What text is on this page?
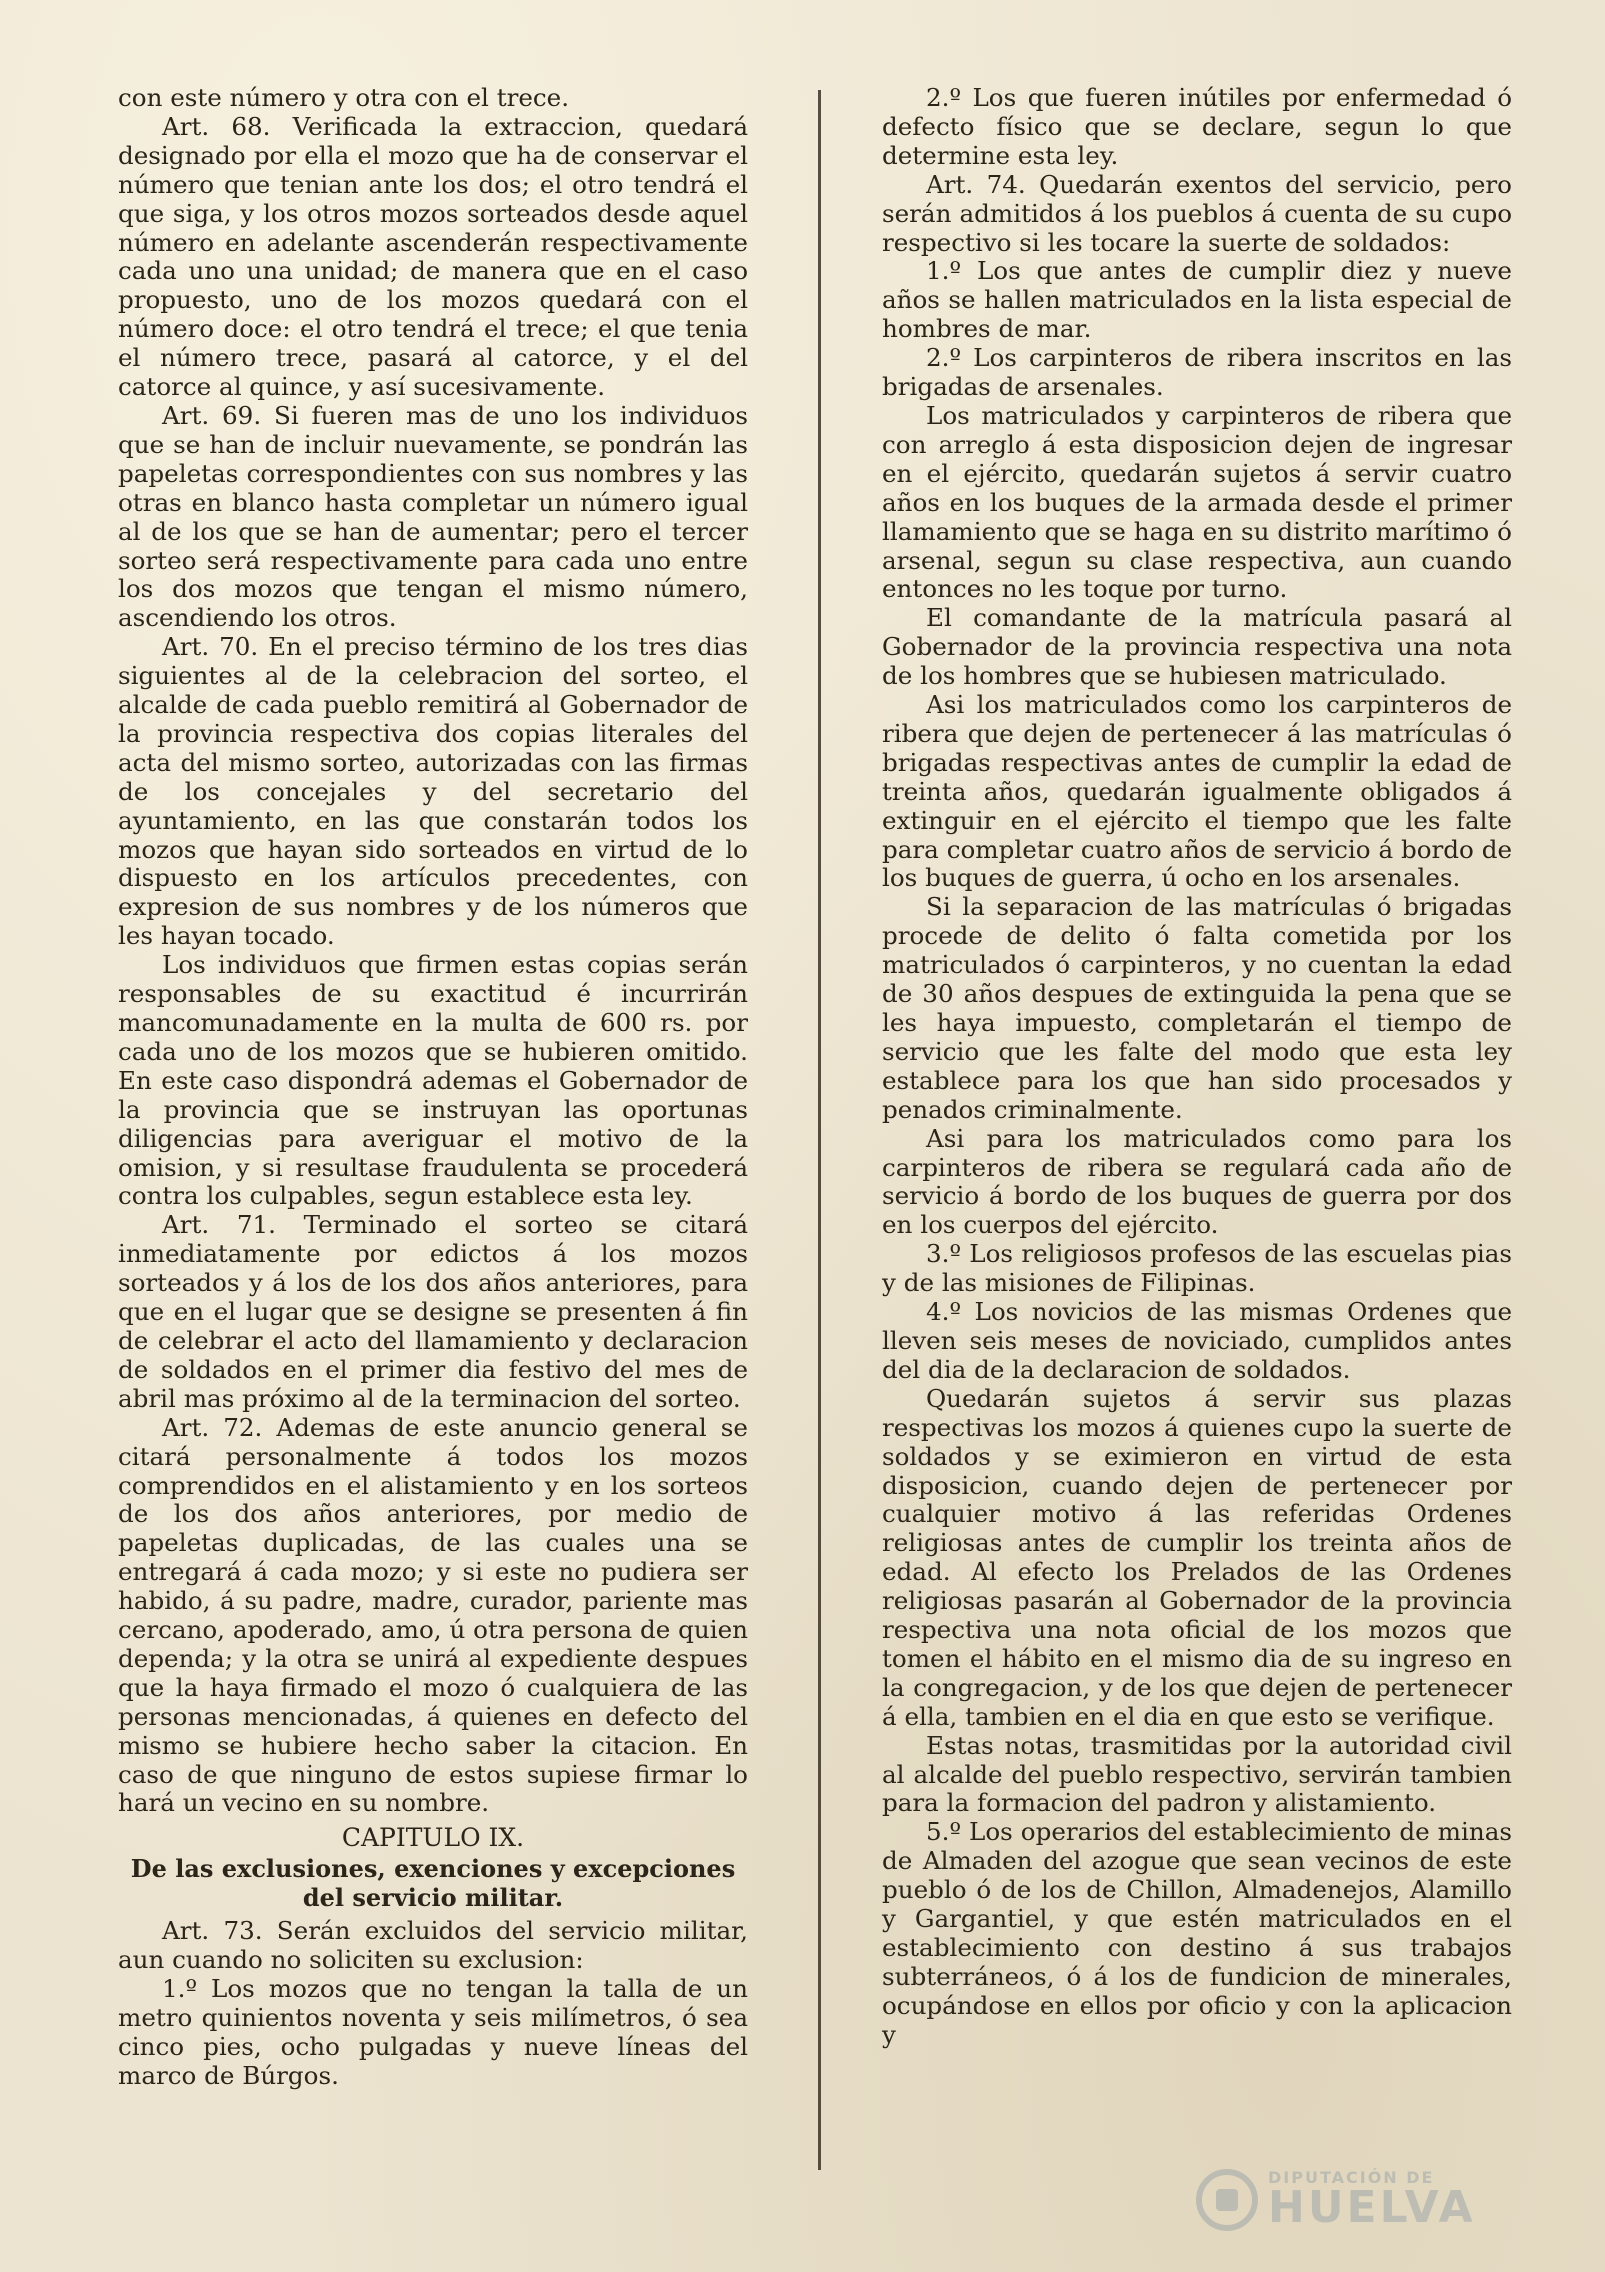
con este número y otra con el trece.

Art. 68. Verificada la extraccion, quedará designado por ella el mozo que ha de conservar el número que tenian ante los dos; el otro tendrá el que siga, y los otros mozos sorteados desde aquel número en adelante ascenderán respectivamente cada uno una unidad; de manera que en el caso propuesto, uno de los mozos quedará con el número doce: el otro tendrá el trece; el que tenia el número trece, pasará al catorce, y el del catorce al quince, y así sucesivamente.

Art. 69. Si fueren mas de uno los individuos que se han de incluir nuevamente, se pondrán las papeletas correspondientes con sus nombres y las otras en blanco hasta completar un número igual al de los que se han de aumentar; pero el tercer sorteo será respectivamente para cada uno entre los dos mozos que tengan el mismo número, ascendiendo los otros.

Art. 70. En el preciso término de los tres dias siguientes al de la celebracion del sorteo, el alcalde de cada pueblo remitirá al Gobernador de la provincia respectiva dos copias literales del acta del mismo sorteo, autorizadas con las firmas de los concejales y del secretario del ayuntamiento, en las que constarán todos los mozos que hayan sido sorteados en virtud de lo dispuesto en los artículos precedentes, con expresion de sus nombres y de los números que les hayan tocado.

Los individuos que firmen estas copias serán responsables de su exactitud é incurrirán mancomunadamente en la multa de 600 rs. por cada uno de los mozos que se hubieren omitido. En este caso dispondrá ademas el Gobernador de la provincia que se instruyan las oportunas diligencias para averiguar el motivo de la omision, y si resultase fraudulenta se procederá contra los culpables, segun establece esta ley.

Art. 71. Terminado el sorteo se citará inmediatamente por edictos á los mozos sorteados y á los de los dos años anteriores, para que en el lugar que se designe se presenten á fin de celebrar el acto del llamamiento y declaracion de soldados en el primer dia festivo del mes de abril mas próximo al de la terminacion del sorteo.

Art. 72. Ademas de este anuncio general se citará personalmente á todos los mozos comprendidos en el alistamiento y en los sorteos de los dos años anteriores, por medio de papeletas duplicadas, de las cuales una se entregará á cada mozo; y si este no pudiera ser habido, á su padre, madre, curador, pariente mas cercano, apoderado, amo, ú otra persona de quien dependa; y la otra se unirá al expediente despues que la haya firmado el mozo ó cualquiera de las personas mencionadas, á quienes en defecto del mismo se hubiere hecho saber la citacion. En caso de que ninguno de estos supiese firmar lo hará un vecino en su nombre.

CAPITULO IX.
De las exclusiones, exenciones y excepciones del servicio militar.

Art. 73. Serán excluidos del servicio militar, aun cuando no soliciten su exclusion:

1.º Los mozos que no tengan la talla de un metro quinientos noventa y seis milímetros, ó sea cinco pies, ocho pulgadas y nueve líneas del marco de Búrgos.

2.º Los que fueren inútiles por enfermedad ó defecto físico que se declare, segun lo que determine esta ley.

Art. 74. Quedarán exentos del servicio, pero serán admitidos á los pueblos á cuenta de su cupo respectivo si les tocare la suerte de soldados:

1.º Los que antes de cumplir diez y nueve años se hallen matriculados en la lista especial de hombres de mar.

2.º Los carpinteros de ribera inscritos en las brigadas de arsenales.

Los matriculados y carpinteros de ribera que con arreglo á esta disposicion dejen de ingresar en el ejército, quedarán sujetos á servir cuatro años en los buques de la armada desde el primer llamamiento que se haga en su distrito marítimo ó arsenal, segun su clase respectiva, aun cuando entonces no les toque por turno.

El comandante de la matrícula pasará al Gobernador de la provincia respectiva una nota de los hombres que se hubiesen matriculado.

Asi los matriculados como los carpinteros de ribera que dejen de pertenecer á las matrículas ó brigadas respectivas antes de cumplir la edad de treinta años, quedarán igualmente obligados á extinguir en el ejército el tiempo que les falte para completar cuatro años de servicio á bordo de los buques de guerra, ú ocho en los arsenales.

Si la separacion de las matrículas ó brigadas procede de delito ó falta cometida por los matriculados ó carpinteros, y no cuentan la edad de 30 años despues de extinguida la pena que se les haya impuesto, completarán el tiempo de servicio que les falte del modo que esta ley establece para los que han sido procesados y penados criminalmente.

Asi para los matriculados como para los carpinteros de ribera se regulará cada año de servicio á bordo de los buques de guerra por dos en los cuerpos del ejército.

3.º Los religiosos profesos de las escuelas pias y de las misiones de Filipinas.

4.º Los novicios de las mismas Ordenes que lleven seis meses de noviciado, cumplidos antes del dia de la declaracion de soldados.

Quedarán sujetos á servir sus plazas respectivas los mozos á quienes cupo la suerte de soldados y se eximieron en virtud de esta disposicion, cuando dejen de pertenecer por cualquier motivo á las referidas Ordenes religiosas antes de cumplir los treinta años de edad. Al efecto los Prelados de las Ordenes religiosas pasarán al Gobernador de la provincia respectiva una nota oficial de los mozos que tomen el hábito en el mismo dia de su ingreso en la congregacion, y de los que dejen de pertenecer á ella, tambien en el dia en que esto se verifique.

Estas notas, trasmitidas por la autoridad civil al alcalde del pueblo respectivo, servirán tambien para la formacion del padron y alistamiento.

5.º Los operarios del establecimiento de minas de Almaden del azogue que sean vecinos de este pueblo ó de los de Chillon, Almadenejos, Alamillo y Gargantiel, y que estén matriculados en el establecimiento con destino á sus trabajos subterráneos, ó á los de fundicion de minerales, ocupándose en ellos por oficio y con la aplicacion y

DIPUTACIÓN DE
HUELVA
